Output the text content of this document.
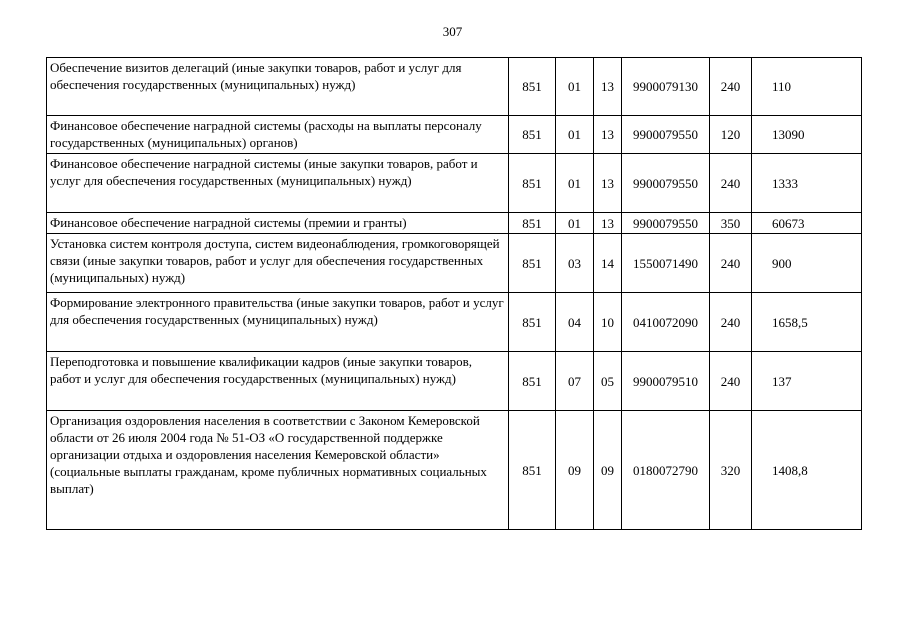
307
Обеспечение визитов делегаций (иные закупки товаров, работ и услуг для обеспечения государственных (муниципальных) нужд)	851	01	13	9900079130	240	110
Финансовое обеспечение наградной системы (расходы на выплаты персоналу государственных (муниципальных) органов)	851	01	13	9900079550	120	13090
Финансовое обеспечение наградной системы (иные закупки товаров, работ и услуг для обеспечения государственных (муниципальных) нужд)	851	01	13	9900079550	240	1333
Финансовое обеспечение наградной системы (премии и гранты)	851	01	13	9900079550	350	60673
Установка систем контроля доступа, систем видеонаблюдения, громкоговорящей связи (иные закупки товаров, работ и услуг для обеспечения государственных (муниципальных) нужд)	851	03	14	1550071490	240	900
Формирование электронного правительства (иные закупки товаров, работ и услуг для обеспечения государственных (муниципальных) нужд)	851	04	10	0410072090	240	1658,5
Переподготовка и повышение квалификации кадров (иные закупки товаров, работ и услуг для обеспечения государственных (муниципальных) нужд)	851	07	05	9900079510	240	137
Организация оздоровления населения в соответствии с Законом Кемеровской области от 26 июля 2004 года № 51-ОЗ «О государственной поддержке организации отдыха и оздоровления населения Кемеровской области» (социальные выплаты гражданам, кроме публичных нормативных социальных выплат)	851	09	09	0180072790	320	1408,8
